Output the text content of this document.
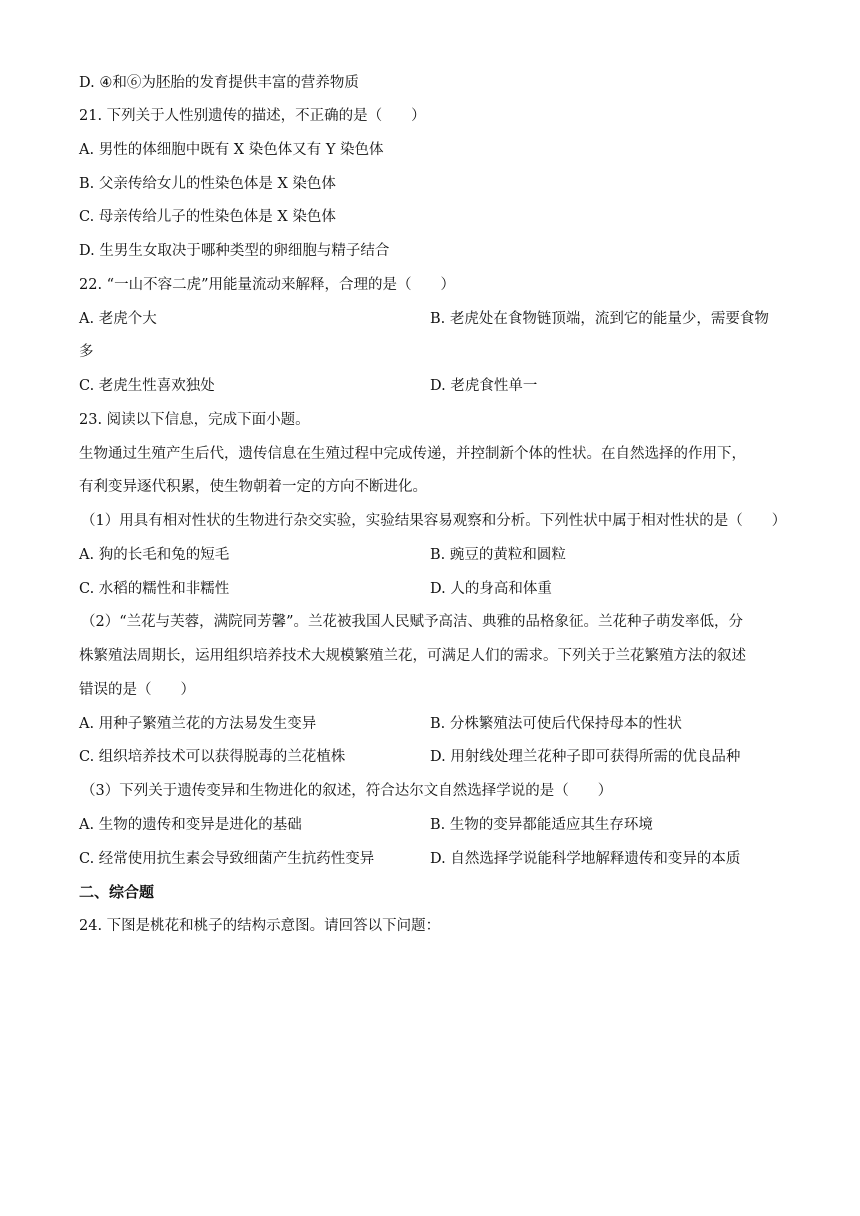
D. ④和⑥为胚胎的发育提供丰富的营养物质
21. 下列关于人性别遗传的描述，不正确的是（　　）
A. 男性的体细胞中既有 X 染色体又有 Y 染色体
B. 父亲传给女儿的性染色体是 X 染色体
C. 母亲传给儿子的性染色体是 X 染色体
D. 生男生女取决于哪种类型的卵细胞与精子结合
22. “一山不容二虎”用能量流动来解释，合理的是（　　）
A. 老虎个大	B. 老虎处在食物链顶端，流到它的能量少，需要食物
多
C. 老虎生性喜欢独处	D. 老虎食性单一
23. 阅读以下信息，完成下面小题。
生物通过生殖产生后代，遗传信息在生殖过程中完成传递，并控制新个体的性状。在自然选择的作用下，
有利变异逐代积累，使生物朝着一定的方向不断进化。
（1）用具有相对性状的生物进行杂交实验，实验结果容易观察和分析。下列性状中属于相对性状的是（　　）
A. 狗的长毛和兔的短毛	B. 豌豆的黄粒和圆粒
C. 水稻的糯性和非糯性	D. 人的身高和体重
（2）“兰花与芙蓉，满院同芳馨”。兰花被我国人民赋予高洁、典雅的品格象征。兰花种子萌发率低，分
株繁殖法周期长，运用组织培养技术大规模繁殖兰花，可满足人们的需求。下列关于兰花繁殖方法的叙述
错误的是（　　）
A. 用种子繁殖兰花的方法易发生变异	B. 分株繁殖法可使后代保持母本的性状
C. 组织培养技术可以获得脱毒的兰花植株	D. 用射线处理兰花种子即可获得所需的优良品种
（3）下列关于遗传变异和生物进化的叙述，符合达尔文自然选择学说的是（　　）
A. 生物的遗传和变异是进化的基础	B. 生物的变异都能适应其生存环境
C. 经常使用抗生素会导致细菌产生抗药性变异	D. 自然选择学说能科学地解释遗传和变异的本质
二、综合题
24. 下图是桃花和桃子的结构示意图。请回答以下问题：
